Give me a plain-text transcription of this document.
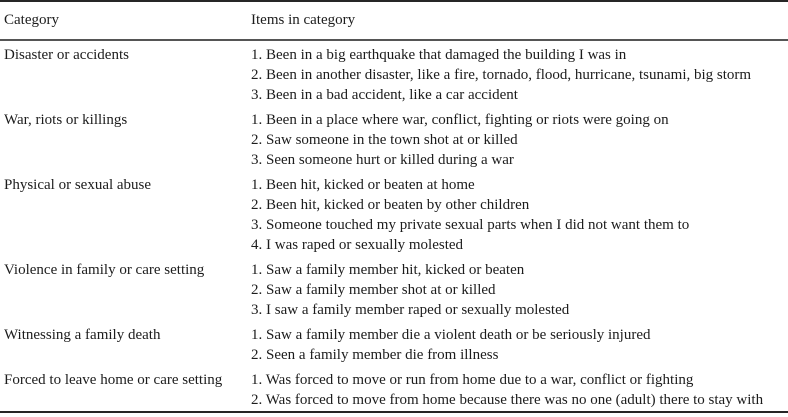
Category	Items in category

Disaster or accidents	1. Been in a big earthquake that damaged the building I was in
2. Been in another disaster, like a fire, tornado, flood, hurricane, tsunami, big storm
3. Been in a bad accident, like a car accident

War, riots or killings	1. Been in a place where war, conflict, fighting or riots were going on
2. Saw someone in the town shot at or killed
3. Seen someone hurt or killed during a war

Physical or sexual abuse	1. Been hit, kicked or beaten at home
2. Been hit, kicked or beaten by other children
3. Someone touched my private sexual parts when I did not want them to
4. I was raped or sexually molested

Violence in family or care setting	1. Saw a family member hit, kicked or beaten
2. Saw a family member shot at or killed
3. I saw a family member raped or sexually molested

Witnessing a family death	1. Saw a family member die a violent death or be seriously injured
2. Seen a family member die from illness

Forced to leave home or care setting	1. Was forced to move or run from home due to a war, conflict or fighting
2. Was forced to move from home because there was no one (adult) there to stay with
